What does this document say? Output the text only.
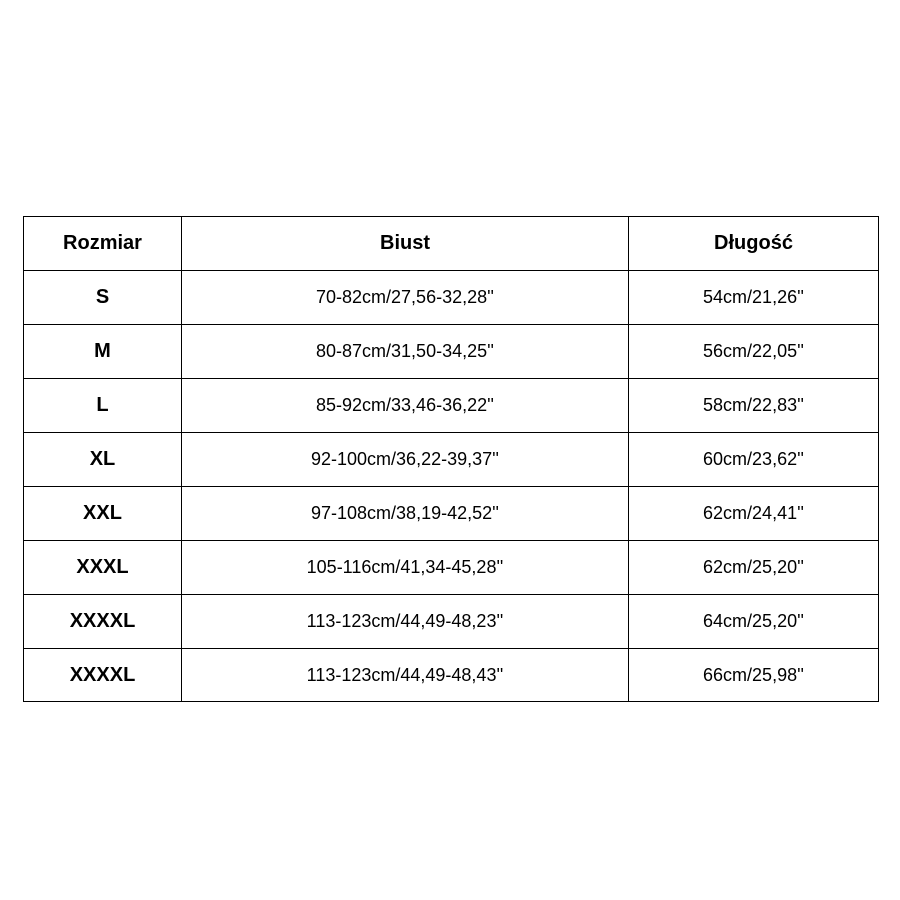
Rozmiar	Biust	Długość
S	70-82cm/27,56-32,28''	54cm/21,26''
M	80-87cm/31,50-34,25''	56cm/22,05''
L	85-92cm/33,46-36,22''	58cm/22,83''
XL	92-100cm/36,22-39,37''	60cm/23,62''
XXL	97-108cm/38,19-42,52''	62cm/24,41''
XXXL	105-116cm/41,34-45,28''	62cm/25,20''
XXXXL	113-123cm/44,49-48,23''	64cm/25,20''
XXXXL	113-123cm/44,49-48,43''	66cm/25,98''
